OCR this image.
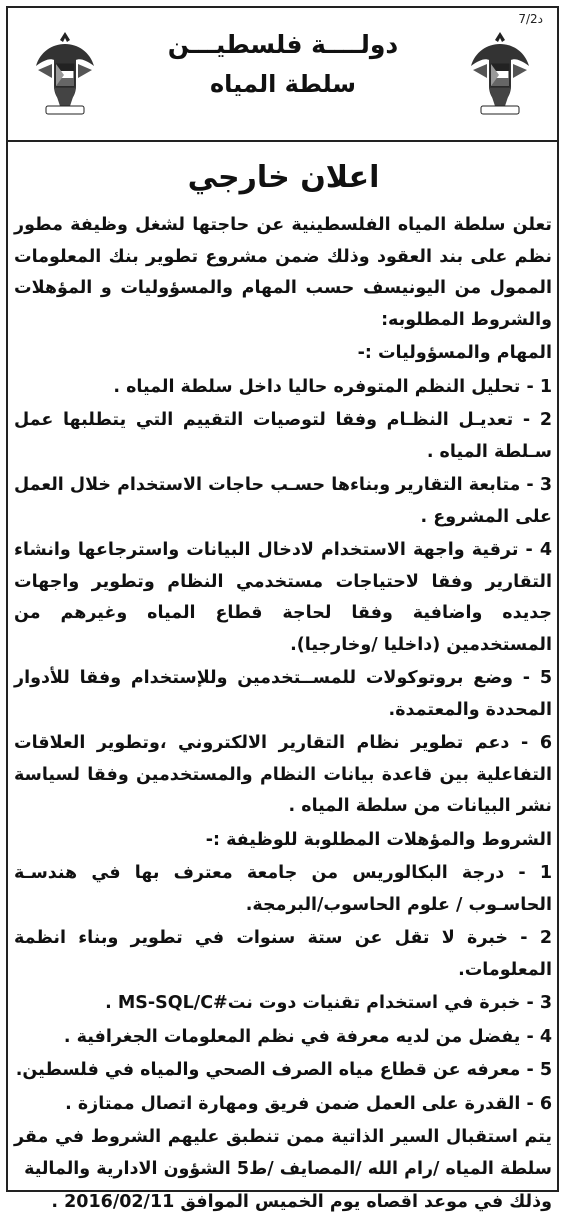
7/2د
دولــــة فلسطيـــن
سلطة المياه
اعلان خارجي

تعلن سلطة المياه الفلسطينية عن حاجتها لشغل وظيفة مطور نظم على بند العقود وذلك ضمن مشروع تطوير بنك المعلومات الممول من اليونيسف حسب المهام والمسؤوليات و المؤهلات والشروط المطلوبه:

المهام والمسؤوليات :-

1 - تحليل النظم المتوفره حاليا داخل سلطة المياه .

2 - تعديـل النظـام وفقا لتوصيات التقييم التي يتطلبها عمل سـلطة المياه .

3 - متابعة التقارير وبناءها حسـب حاجات الاستخدام خلال العمل على المشروع .

4 - ترقية واجهة الاستخدام لادخال البيانات واسترجاعها وانشاء التقارير وفقا لاحتياجات مستخدمي النظام وتطوير واجهات جديده واضافية وفقا لحاجة قطاع المياه وغيرهم من المستخدمين (داخليا /وخارجيا).

5 - وضع بروتوكولات للمســتخدمين وللإستخدام وفقا للأدوار المحددة والمعتمدة.

6 - دعم تطوير نظام التقارير الالكتروني ،وتطوير العلاقات التفاعلية بين قاعدة بيانات النظام والمستخدمين وفقا لسياسة نشر البيانات من سلطة المياه .

الشروط والمؤهلات المطلوبة للوظيفة :-

1 - درجة البكالوريس من جامعة معترف بها في هندسـة الحاسـوب / علوم الحاسوب/البرمجة.

2 - خبرة لا تقل عن ستة سنوات في تطوير وبناء انظمة المعلومات.

3 - خبرة في استخدام تقنيات دوت نت#MS-SQL/C .

4 - يفضل من لديه معرفة في نظم المعلومات الجغرافية .

5 - معرفه عن قطاع مياه الصرف الصحي والمياه في فلسطين.

6 - القدرة على العمل ضمن فريق ومهارة اتصال ممتازة .

يتم استقبال السير الذاتية ممن تنطبق عليهم الشروط في مقر سلطة المياه /رام الله /المصايف /ط5 الشؤون الادارية والمالية

وذلك في موعد اقصاه يوم الخميس الموافق 2016/02/11 .
